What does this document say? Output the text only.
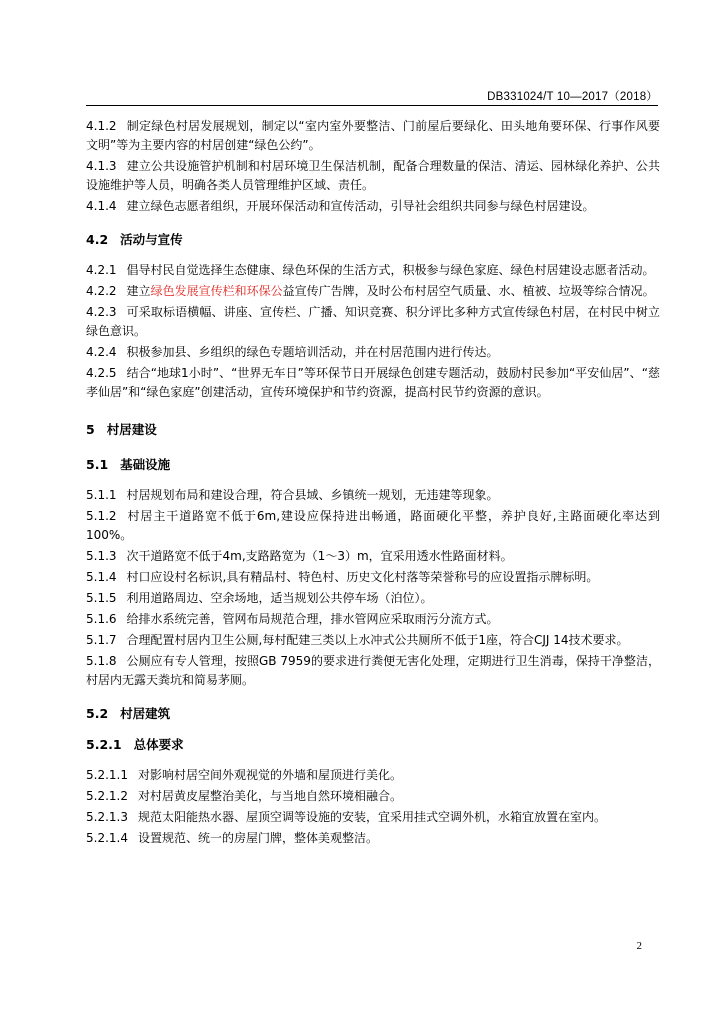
DB331024/T 10—2017（2018）

4.1.2 制定绿色村居发展规划，制定以“室内室外要整洁、门前屋后要绿化、田头地角要环保、行事作风要文明”等为主要内容的村居创建“绿色公约”。

4.1.3 建立公共设施管护机制和村居环境卫生保洁机制，配备合理数量的保洁、清运、园林绿化养护、公共设施维护等人员，明确各类人员管理维护区域、责任。

4.1.4 建立绿色志愿者组织，开展环保活动和宣传活动，引导社会组织共同参与绿色村居建设。

4.2 活动与宣传

4.2.1 倡导村民自觉选择生态健康、绿色环保的生活方式，积极参与绿色家庭、绿色村居建设志愿者活动。

4.2.2 建立绿色发展宣传栏和环保公益宣传广告牌，及时公布村居空气质量、水、植被、垃圾等综合情况。

4.2.3 可采取标语横幅、讲座、宣传栏、广播、知识竞赛、积分评比多种方式宣传绿色村居，在村民中树立绿色意识。

4.2.4 积极参加县、乡组织的绿色专题培训活动，并在村居范围内进行传达。

4.2.5 结合“地球1小时”、“世界无车日”等环保节日开展绿色创建专题活动，鼓励村民参加“平安仙居”、“慈孝仙居”和“绿色家庭”创建活动，宣传环境保护和节约资源，提高村民节约资源的意识。

5 村居建设

5.1 基础设施

5.1.1 村居规划布局和建设合理，符合县域、乡镇统一规划，无违建等现象。

5.1.2 村居主干道路宽不低于6m,建设应保持进出畅通，路面硬化平整，养护良好,主路面硬化率达到100%。

5.1.3 次干道路宽不低于4m,支路路宽为（1～3）m，宜采用透水性路面材料。

5.1.4 村口应设村名标识,具有精品村、特色村、历史文化村落等荣誉称号的应设置指示牌标明。

5.1.5 利用道路周边、空余场地，适当规划公共停车场（泊位）。

5.1.6 给排水系统完善，管网布局规范合理，排水管网应采取雨污分流方式。

5.1.7 合理配置村居内卫生公厕,每村配建三类以上水冲式公共厕所不低于1座，符合CJJ 14技术要求。

5.1.8 公厕应有专人管理，按照GB 7959的要求进行粪便无害化处理，定期进行卫生消毒，保持干净整洁，村居内无露天粪坑和简易茅厕。

5.2 村居建筑

5.2.1 总体要求

5.2.1.1 对影响村居空间外观视觉的外墙和屋顶进行美化。

5.2.1.2 对村居黄皮屋整治美化，与当地自然环境相融合。

5.2.1.3 规范太阳能热水器、屋顶空调等设施的安装，宜采用挂式空调外机，水箱宜放置在室内。

5.2.1.4 设置规范、统一的房屋门牌，整体美观整洁。

2
